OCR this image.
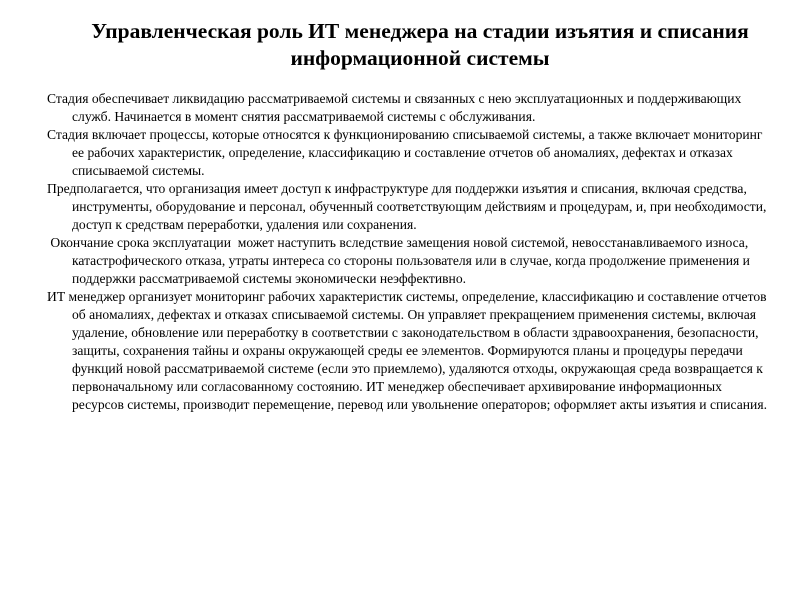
Управленческая роль ИТ менеджера на стадии изъятия и списания информационной системы

Стадия обеспечивает ликвидацию рассматриваемой системы и связанных с нею эксплуатационных и поддерживающих служб. Начинается в момент снятия рассматриваемой системы с обслуживания.

Стадия включает процессы, которые относятся к функционированию списываемой системы, а также включает мониторинг ее рабочих характеристик, определение, классификацию и составление отчетов об аномалиях, дефектах и отказах списываемой системы.

Предполагается, что организация имеет доступ к инфраструктуре для поддержки изъятия и списания, включая средства, инструменты, оборудование и персонал, обученный соответствующим действиям и процедурам, и, при необходимости, доступ к средствам переработки, удаления или сохранения.

Окончание срока эксплуатации  может наступить вследствие замещения новой системой, невосстанавливаемого износа, катастрофического отказа, утраты интереса со стороны пользователя или в случае, когда продолжение применения и поддержки рассматриваемой системы экономически неэффективно.

ИТ менеджер организует мониторинг рабочих характеристик системы, определение, классификацию и составление отчетов об аномалиях, дефектах и отказах списываемой системы. Он управляет прекращением применения системы, включая удаление, обновление или переработку в соответствии с законодательством в области здравоохранения, безопасности, защиты, сохранения тайны и охраны окружающей среды ее элементов. Формируются планы и процедуры передачи функций новой рассматриваемой системе (если это приемлемо), удаляются отходы, окружающая среда возвращается к первоначальному или согласованному состоянию. ИТ менеджер обеспечивает архивирование информационных ресурсов системы, производит перемещение, перевод или увольнение операторов; оформляет акты изъятия и списания.
